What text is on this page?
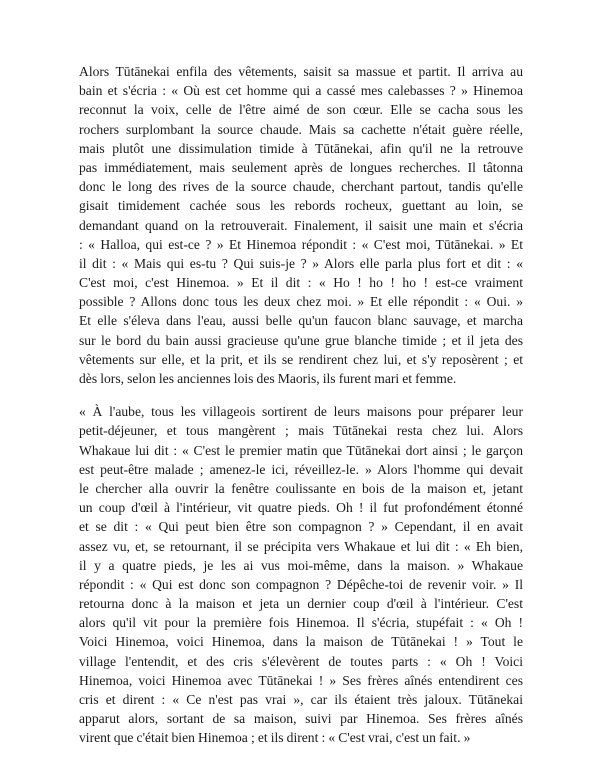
Alors Tūtānekai enfila des vêtements, saisit sa massue et partit. Il arriva au
bain et s'écria : « Où est cet homme qui a cassé mes calebasses ? » Hinemoa
reconnut la voix, celle de l'être aimé de son cœur. Elle se cacha sous les
rochers surplombant la source chaude. Mais sa cachette n'était guère réelle,
mais plutôt une dissimulation timide à Tūtānekai, afin qu'il ne la retrouve
pas immédiatement, mais seulement après de longues recherches. Il tâtonna
donc le long des rives de la source chaude, cherchant partout, tandis qu'elle
gisait timidement cachée sous les rebords rocheux, guettant au loin, se
demandant quand on la retrouverait. Finalement, il saisit une main et s'écria
: « Halloa, qui est-ce ? » Et Hinemoa répondit : « C'est moi, Tūtānekai. » Et
il dit : « Mais qui es-tu ? Qui suis-je ? » Alors elle parla plus fort et dit : «
C'est moi, c'est Hinemoa. » Et il dit : « Ho ! ho ! ho ! est-ce vraiment
possible ? Allons donc tous les deux chez moi. » Et elle répondit : « Oui. »
Et elle s'éleva dans l'eau, aussi belle qu'un faucon blanc sauvage, et marcha
sur le bord du bain aussi gracieuse qu'une grue blanche timide ; et il jeta des
vêtements sur elle, et la prit, et ils se rendirent chez lui, et s'y reposèrent ; et
dès lors, selon les anciennes lois des Maoris, ils furent mari et femme.
« À l'aube, tous les villageois sortirent de leurs maisons pour préparer leur
petit-déjeuner, et tous mangèrent ; mais Tūtānekai resta chez lui. Alors
Whakaue lui dit : « C'est le premier matin que Tūtānekai dort ainsi ; le garçon
est peut-être malade ; amenez-le ici, réveillez-le. » Alors l'homme qui devait
le chercher alla ouvrir la fenêtre coulissante en bois de la maison et, jetant
un coup d'œil à l'intérieur, vit quatre pieds. Oh ! il fut profondément étonné
et se dit : « Qui peut bien être son compagnon ? » Cependant, il en avait
assez vu, et, se retournant, il se précipita vers Whakaue et lui dit : « Eh bien,
il y a quatre pieds, je les ai vus moi-même, dans la maison. » Whakaue
répondit : « Qui est donc son compagnon ? Dépêche-toi de revenir voir. » Il
retourna donc à la maison et jeta un dernier coup d'œil à l'intérieur. C'est
alors qu'il vit pour la première fois Hinemoa. Il s'écria, stupéfait : « Oh !
Voici Hinemoa, voici Hinemoa, dans la maison de Tūtānekai ! » Tout le
village l'entendit, et des cris s'élevèrent de toutes parts : « Oh ! Voici
Hinemoa, voici Hinemoa avec Tūtānekai ! » Ses frères aînés entendirent ces
cris et dirent : « Ce n'est pas vrai », car ils étaient très jaloux. Tūtānekai
apparut alors, sortant de sa maison, suivi par Hinemoa. Ses frères aînés
virent que c'était bien Hinemoa ; et ils dirent : « C'est vrai, c'est un fait. »
